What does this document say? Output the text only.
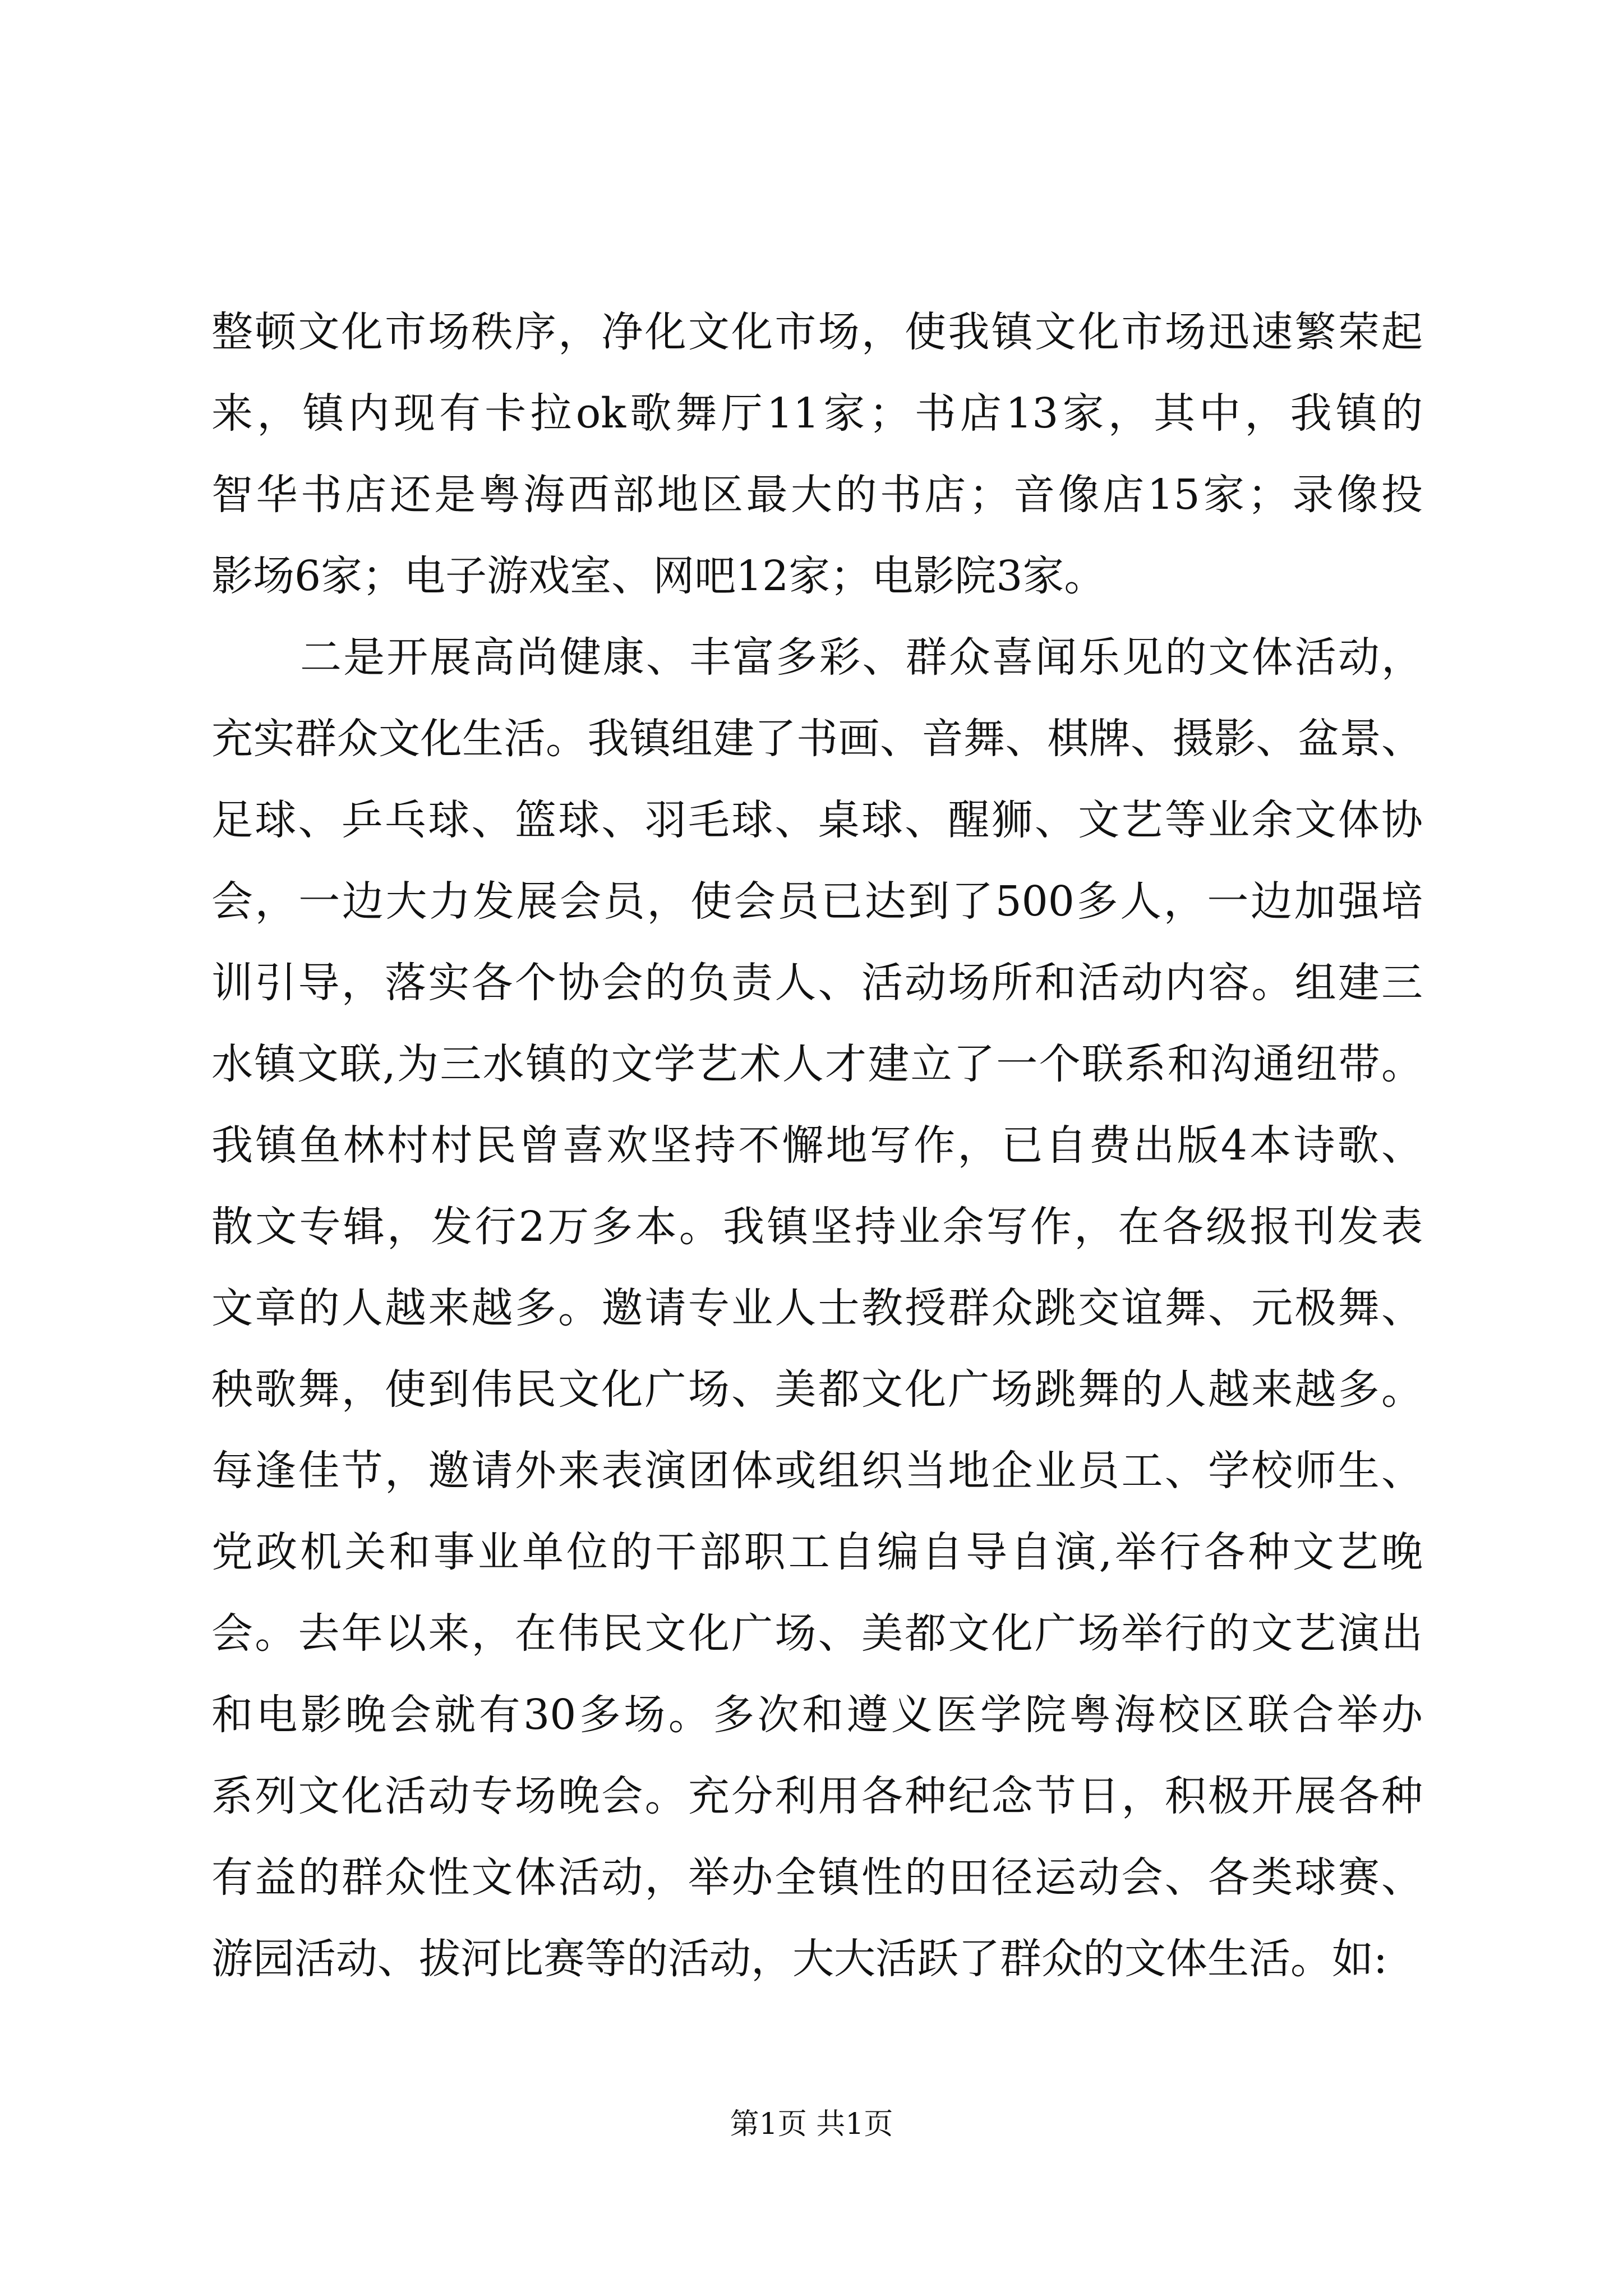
整顿文化市场秩序，净化文化市场，使我镇文化市场迅速繁荣起
来，镇内现有卡拉ok歌舞厅11家；书店13家，其中，我镇的
智华书店还是粤海西部地区最大的书店；音像店15家；录像投
影场6家；电子游戏室、网吧12家；电影院3家。
二是开展高尚健康、丰富多彩、群众喜闻乐见的文体活动，
充实群众文化生活。我镇组建了书画、音舞、棋牌、摄影、盆景、
足球、乒乓球、篮球、羽毛球、桌球、醒狮、文艺等业余文体协
会，一边大力发展会员，使会员已达到了500多人，一边加强培
训引导，落实各个协会的负责人、活动场所和活动内容。组建三
水镇文联,为三水镇的文学艺术人才建立了一个联系和沟通纽带。
我镇鱼林村村民曾喜欢坚持不懈地写作，已自费出版4本诗歌、
散文专辑，发行2万多本。我镇坚持业余写作，在各级报刊发表
文章的人越来越多。邀请专业人士教授群众跳交谊舞、元极舞、
秧歌舞，使到伟民文化广场、美都文化广场跳舞的人越来越多。
每逢佳节，邀请外来表演团体或组织当地企业员工、学校师生、
党政机关和事业单位的干部职工自编自导自演,举行各种文艺晚
会。去年以来，在伟民文化广场、美都文化广场举行的文艺演出
和电影晚会就有30多场。多次和遵义医学院粤海校区联合举办
系列文化活动专场晚会。充分利用各种纪念节日，积极开展各种
有益的群众性文体活动，举办全镇性的田径运动会、各类球赛、
游园活动、拔河比赛等的活动，大大活跃了群众的文体生活。如:
第1页 共1页
